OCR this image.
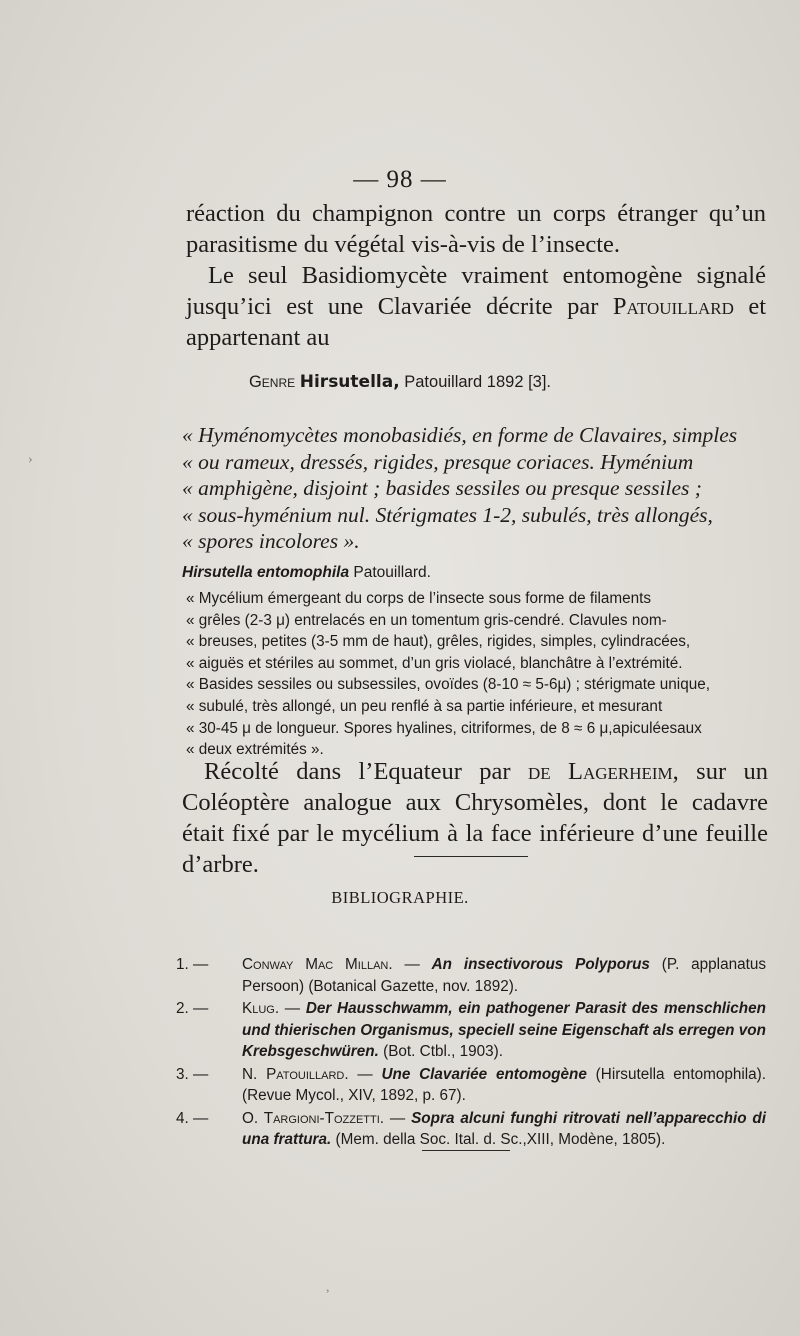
— 98 —

réaction du champignon contre un corps étranger qu’un parasitisme du végétal vis-à-vis de l’insecte.

Le seul Basidiomycète vraiment entomogène signalé jusqu’ici est une Clavariée décrite par Patouillard et appartenant au

Genre Hirsutella, Patouillard 1892 [3].
« Hyménomycètes monobasidiés, en forme de Clavaires, simples
« ou rameux, dressés, rigides, presque coriaces. Hyménium
« amphigène, disjoint ; basides sessiles ou presque sessiles ;
« sous-hyménium nul. Stérigmates 1-2, subulés, très allongés,
« spores incolores ».
Hirsutella entomophila Patouillard.
« Mycélium émergeant du corps de l’insecte sous forme de filaments
« grêles (2-3 μ) entrelacés en un tomentum gris-cendré. Clavules nom-
« breuses, petites (3-5 mm de haut), grêles, rigides, simples, cylindracées,
« aiguës et stériles au sommet, d’un gris violacé, blanchâtre à l’extrémité.
« Basides sessiles ou subsessiles, ovoïdes (8-10 ≈ 5-6μ) ; stérigmate unique,
« subulé, très allongé, un peu renflé à sa partie inférieure, et mesurant
« 30-45 μ de longueur. Spores hyalines, citriformes, de 8 ≈ 6 μ,apiculéesaux
« deux extrémités ».

Récolté dans l’Equateur par de Lagerheim, sur un Coléoptère analogue aux Chrysomèles, dont le cadavre était fixé par le mycélium à la face inférieure d’une feuille d’arbre.

BIBLIOGRAPHIE.
1. — Conway Mac Millan. — An insectivorous Polyporus (P. applanatus Persoon) (Botanical Gazette, nov. 1892).
2. — Klug. — Der Hausschwamm, ein pathogener Parasit des menschlichen und thierischen Organismus, speciell seine Eigenschaft als erregen von Krebsgeschwüren. (Bot. Ctbl., 1903).
3. — N. Patouillard. — Une Clavariée entomogène (Hirsutella entomophila). (Revue Mycol., XIV, 1892, p. 67).
4. — O. Targioni-Tozzetti. — Sopra alcuni funghi ritrovati nell’apparecchio di una frattura. (Mem. della Soc. Ital. d. Sc.,XIII, Modène, 1805).
›
,
